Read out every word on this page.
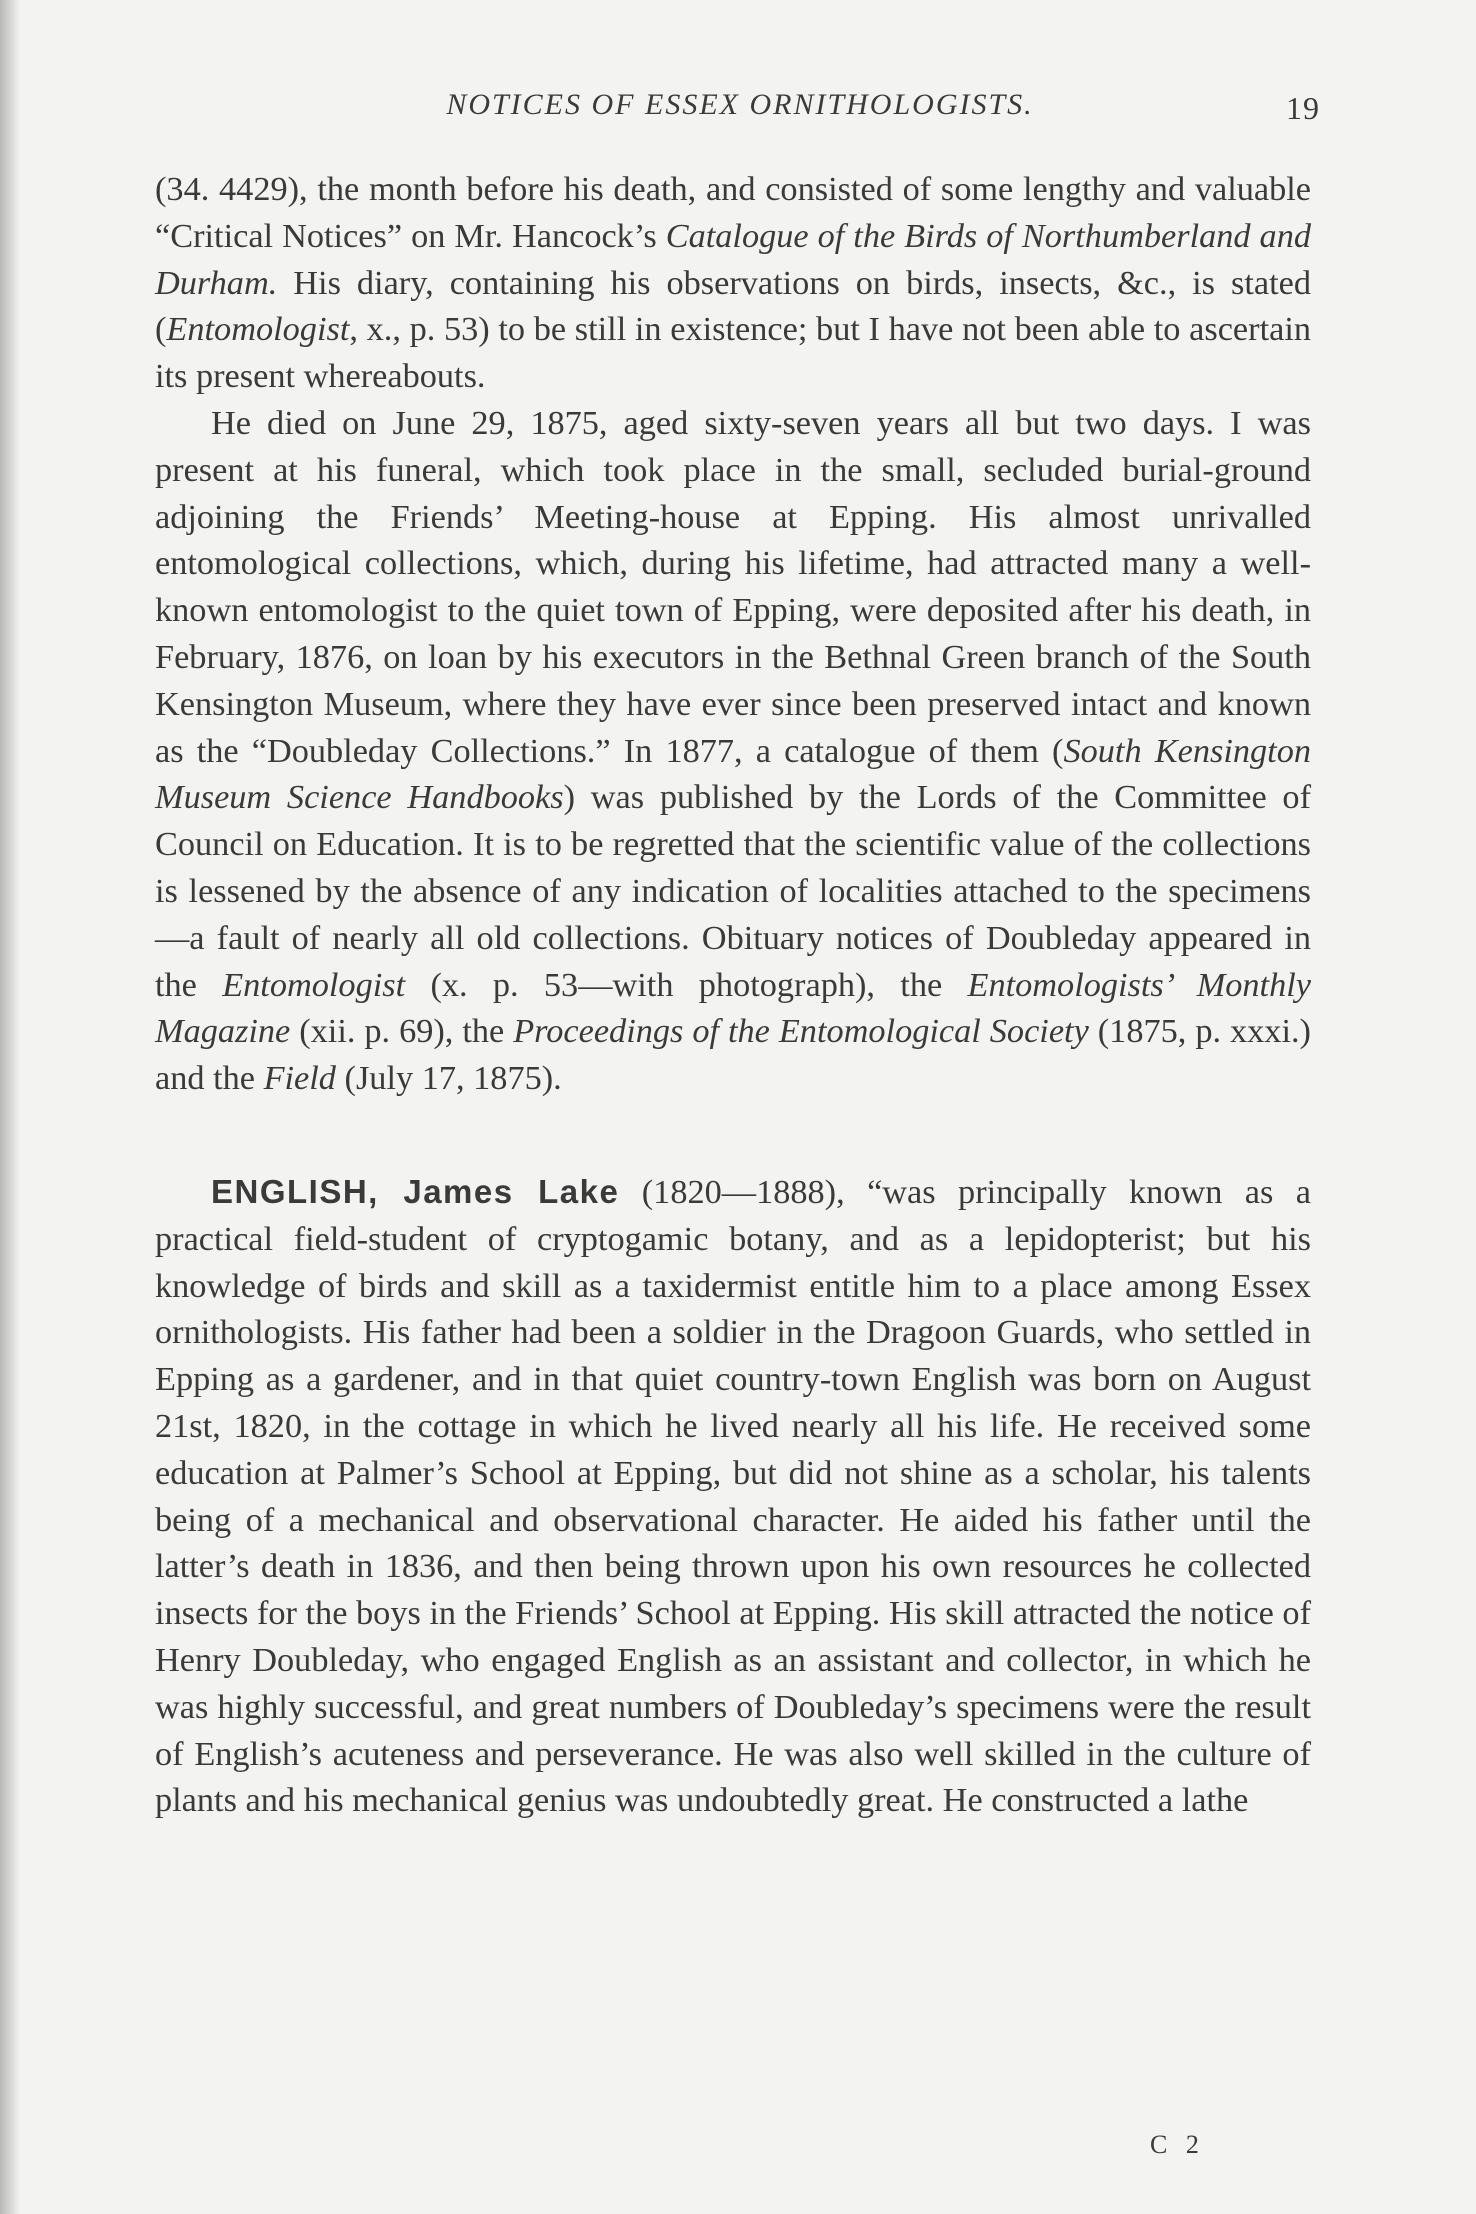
NOTICES OF ESSEX ORNITHOLOGISTS.	19

(34. 4429), the month before his death, and consisted of some lengthy and valuable “Critical Notices” on Mr. Hancock’s Catalogue of the Birds of Northumberland and Durham. His diary, containing his observations on birds, insects, &c., is stated (Entomologist, x., p. 53) to be still in existence; but I have not been able to ascertain its present whereabouts.

He died on June 29, 1875, aged sixty-seven years all but two days. I was present at his funeral, which took place in the small, secluded burial-ground adjoining the Friends’ Meeting-house at Epping. His almost unrivalled entomological collections, which, during his lifetime, had attracted many a well-known entomologist to the quiet town of Epping, were deposited after his death, in February, 1876, on loan by his executors in the Bethnal Green branch of the South Kensington Museum, where they have ever since been preserved intact and known as the “Doubleday Collections.” In 1877, a catalogue of them (South Kensington Museum Science Handbooks) was published by the Lords of the Committee of Council on Education. It is to be regretted that the scientific value of the collections is lessened by the absence of any indication of localities attached to the specimens—a fault of nearly all old collections. Obituary notices of Doubleday appeared in the Entomologist (x. p. 53—with photograph), the Entomologists’ Monthly Magazine (xii. p. 69), the Proceedings of the Entomological Society (1875, p. xxxi.) and the Field (July 17, 1875).

ENGLISH, James Lake (1820—1888), “was principally known as a practical field-student of cryptogamic botany, and as a lepidopterist; but his knowledge of birds and skill as a taxidermist entitle him to a place among Essex ornithologists. His father had been a soldier in the Dragoon Guards, who settled in Epping as a gardener, and in that quiet country-town English was born on August 21st, 1820, in the cottage in which he lived nearly all his life. He received some education at Palmer’s School at Epping, but did not shine as a scholar, his talents being of a mechanical and observational character. He aided his father until the latter’s death in 1836, and then being thrown upon his own resources he collected insects for the boys in the Friends’ School at Epping. His skill attracted the notice of Henry Doubleday, who engaged English as an assistant and collector, in which he was highly successful, and great numbers of Doubleday’s specimens were the result of English’s acuteness and perseverance. He was also well skilled in the culture of plants and his mechanical genius was undoubtedly great. He constructed a lathe

C 2
